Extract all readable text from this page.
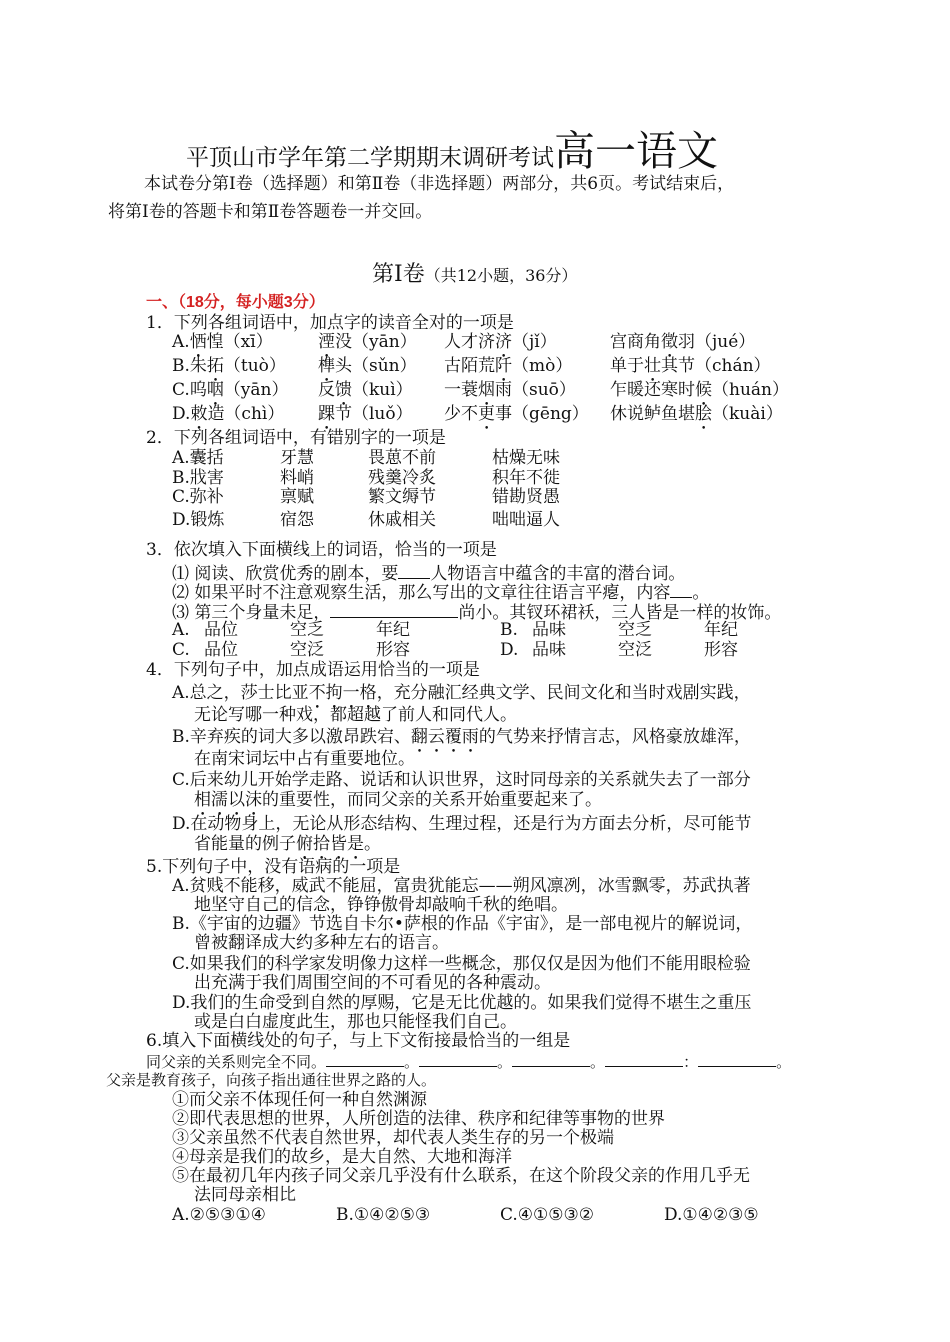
平顶山市学年第二学期期末调研考试高一语文
本试卷分第Ⅰ卷（选择题）和第Ⅱ卷（非选择题）两部分，共6页。考试结束后，
将第Ⅰ卷的答题卡和第Ⅱ卷答题卷一并交回。
第Ⅰ卷（共12小题，36分）
一、（18分，每小题3分）
1．下列各组词语中，加点字的读音全对的一项是
A.恓惶（xī）	湮没（yān） 人才济济（jǐ）	宫商角徵羽（jué）
B.朱拓（tuò） 榫头（sǔn） 古陌荒阡（mò） 单于壮其节（chán）
C.呜咽（yān） 反馈（kuì） 一蓑烟雨（suō） 乍暖还寒时候（huán）
D.敕造（chì） 踝节（luǒ） 少不更事（gēng） 休说鲈鱼堪脍（kuài）
2．下列各组词语中，有错别字的一项是
A.囊括	牙慧	畏葸不前	枯燥无味
B.戕害	料峭	残羹冷炙	积年不徙
C.弥补	禀赋	繁文缛节	错勘贤愚
D.锻炼	宿怨	休戚相关	咄咄逼人
3．依次填入下面横线上的词语，恰当的一项是
⑴ 阅读、欣赏优秀的剧本，要 人物语言中蕴含的丰富的潜台词。
⑵ 如果平时不注意观察生活，那么写出的文章往往语言平瘪，内容 。
⑶ 第三个身量未足，	尚小。其钗环裙袄，三人皆是一样的妆饰。
A. 品位	空乏	年纪	B. 品味	空乏	年纪
C. 品位	空泛	形容	D. 品味	空泛	形容
4．下列句子中，加点成语运用恰当的一项是
A.总之，莎士比亚不拘一格，充分融汇经典文学、民间文化和当时戏剧实践，
无论写哪一种戏，都超越了前人和同代人。
B.辛弃疾的词大多以激昂跌宕、翻云覆雨的气势来抒情言志，风格豪放雄浑，
在南宋词坛中占有重要地位。
C.后来幼儿开始学走路、说话和认识世界，这时同母亲的关系就失去了一部分
相濡以沫的重要性，而同父亲的关系开始重要起来了。
D.在动物身上，无论从形态结构、生理过程，还是行为方面去分析，尽可能节
省能量的例子俯拾皆是。
5.下列句子中，没有语病的一项是
A.贫贱不能移，威武不能屈，富贵犹能忘——朔风凛冽，冰雪飘零，苏武执著
地坚守自己的信念，铮铮傲骨却敲响千秋的绝唱。
B.《宇宙的边疆》节选自卡尔•萨根的作品《宇宙》，是一部电视片的解说词，
曾被翻译成大约多种左右的语言。
C.如果我们的科学家发明像力这样一些概念，那仅仅是因为他们不能用眼检验
出充满于我们周围空间的不可看见的各种震动。
D.我们的生命受到自然的厚赐，它是无比优越的。如果我们觉得不堪生之重压
或是白白虚度此生，那也只能怪我们自己。
6.填入下面横线处的句子，与上下文衔接最恰当的一组是
同父亲的关系则完全不同。	。	。	。	：	。
父亲是教育孩子，向孩子指出通往世界之路的人。
①而父亲不体现任何一种自然渊源
②即代表思想的世界，人所创造的法律、秩序和纪律等事物的世界
③父亲虽然不代表自然世界，却代表人类生存的另一个极端
④母亲是我们的故乡，是大自然、大地和海洋
⑤在最初几年内孩子同父亲几乎没有什么联系，在这个阶段父亲的作用几乎无
法同母亲相比
A.②⑤③①④	B.①④②⑤③	C.④①⑤③②	D.①④②③⑤
